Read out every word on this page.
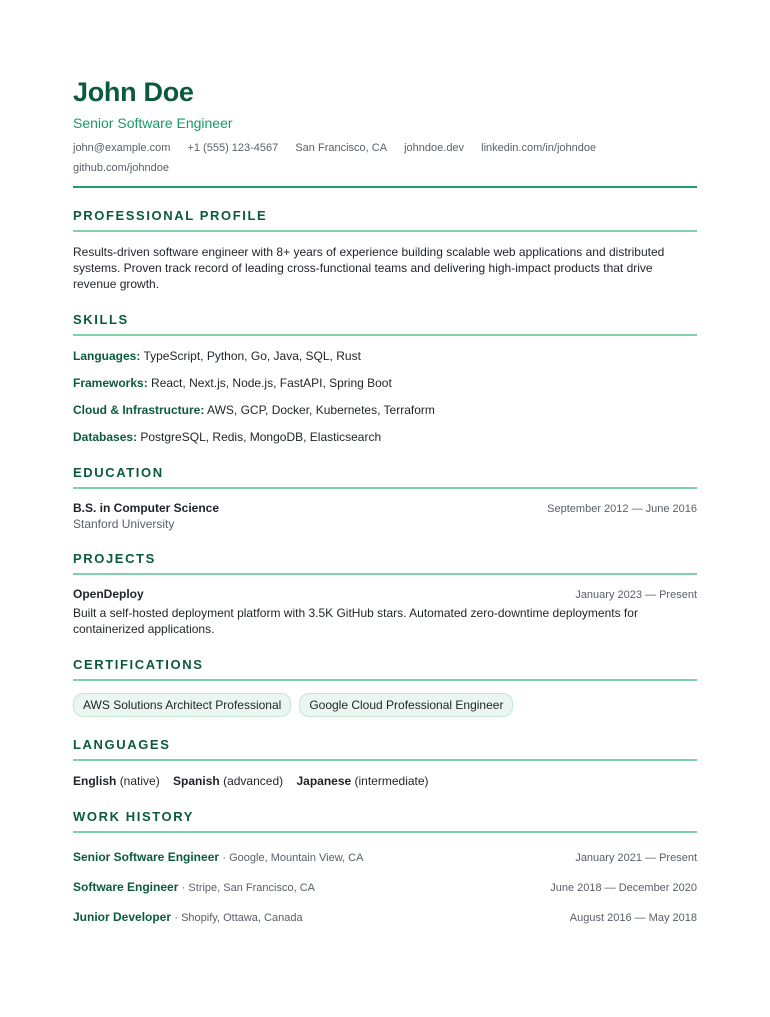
John Doe
Senior Software Engineer
john@example.com +1 (555) 123-4567 San Francisco, CA johndoe.dev linkedin.com/in/johndoe github.com/johndoe
PROFESSIONAL PROFILE
Results-driven software engineer with 8+ years of experience building scalable web applications and distributed systems. Proven track record of leading cross-functional teams and delivering high-impact products that drive revenue growth.
SKILLS
Languages: TypeScript, Python, Go, Java, SQL, Rust
Frameworks: React, Next.js, Node.js, FastAPI, Spring Boot
Cloud & Infrastructure: AWS, GCP, Docker, Kubernetes, Terraform
Databases: PostgreSQL, Redis, MongoDB, Elasticsearch
EDUCATION
B.S. in Computer Science	September 2012 — June 2016
Stanford University
PROJECTS
OpenDeploy	January 2023 — Present
Built a self-hosted deployment platform with 3.5K GitHub stars. Automated zero-downtime deployments for containerized applications.
CERTIFICATIONS
AWS Solutions Architect Professional	Google Cloud Professional Engineer
LANGUAGES
English (native) Spanish (advanced) Japanese (intermediate)
WORK HISTORY
Senior Software Engineer · Google, Mountain View, CA	January 2021 — Present
Software Engineer · Stripe, San Francisco, CA	June 2018 — December 2020
Junior Developer · Shopify, Ottawa, Canada	August 2016 — May 2018
